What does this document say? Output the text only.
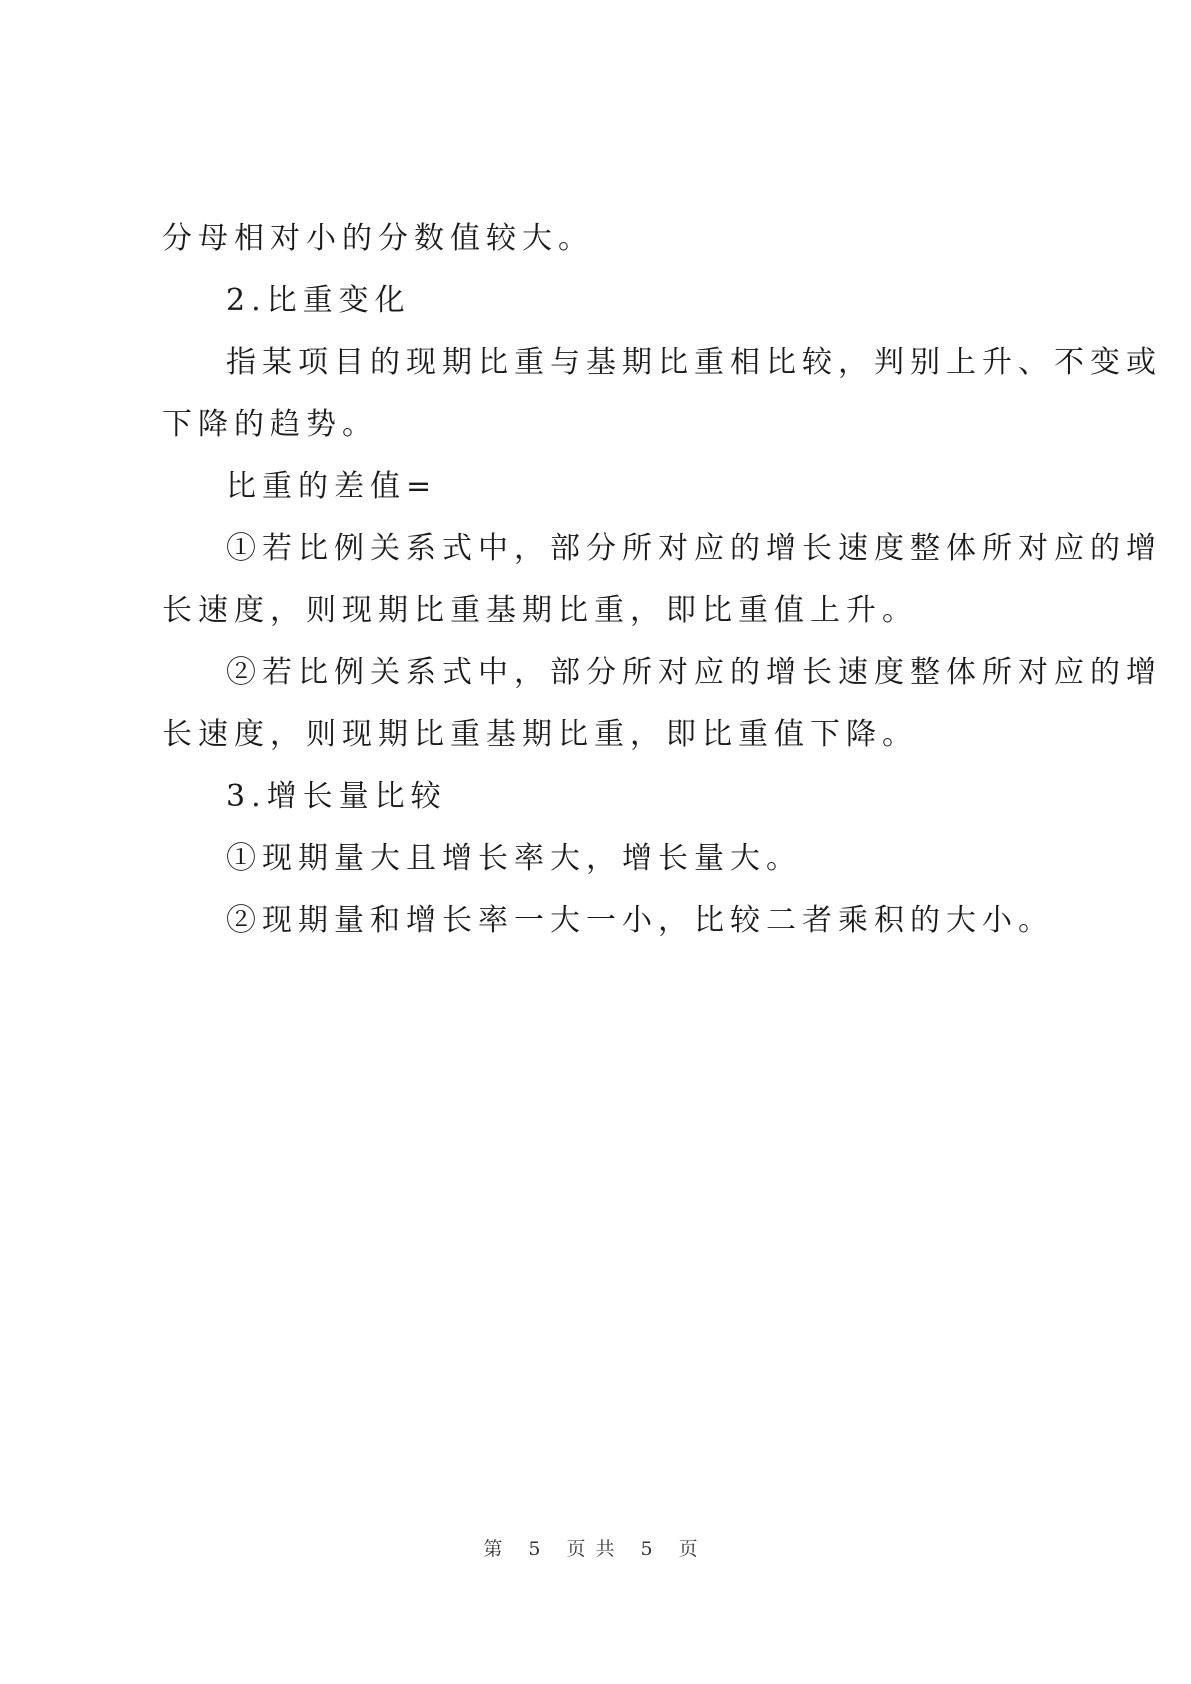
分母相对小的分数值较大。
2.比重变化
指某项目的现期比重与基期比重相比较，判别上升、不变或
下降的趋势。
比重的差值=
①若比例关系式中，部分所对应的增长速度整体所对应的增
长速度，则现期比重基期比重，即比重值上升。
②若比例关系式中，部分所对应的增长速度整体所对应的增
长速度，则现期比重基期比重，即比重值下降。
3.增长量比较
①现期量大且增长率大，增长量大。
②现期量和增长率一大一小，比较二者乘积的大小。
第 5 页共 5 页
